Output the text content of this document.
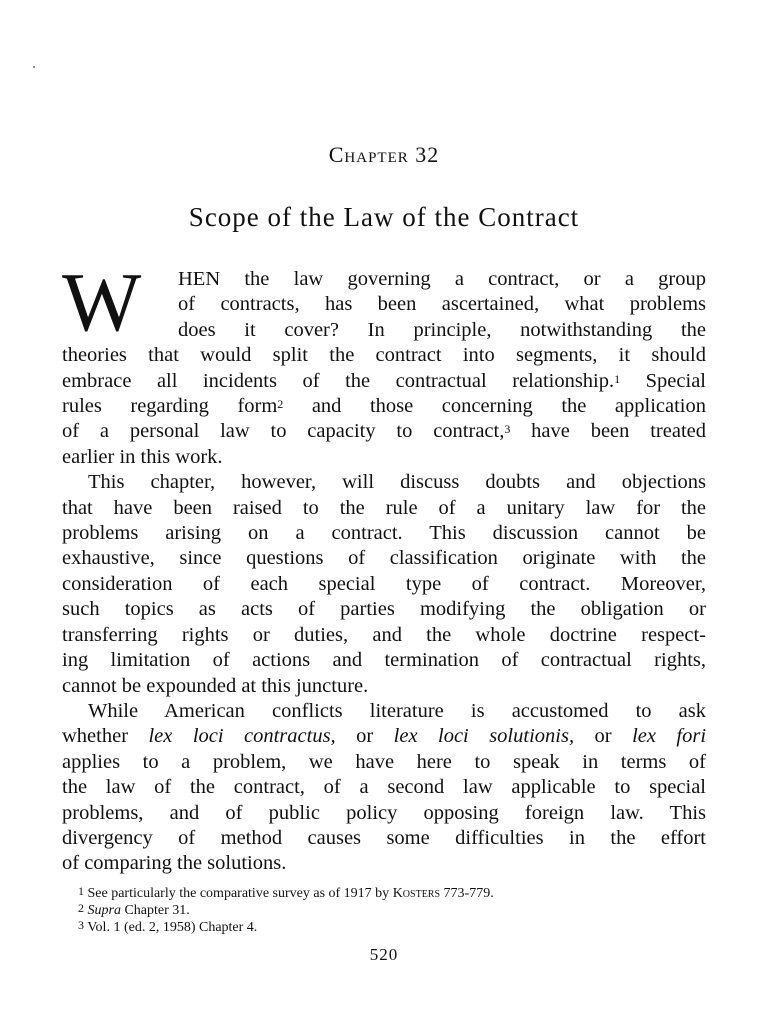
Chapter 32
Scope of the Law of the Contract
W HEN the law governing a contract, or a group
of contracts, has been ascertained, what problems
does it cover? In principle, notwithstanding the
theories that would split the contract into segments, it should
embrace all incidents of the contractual relationship.$^1$ Special
rules regarding form$^2$ and those concerning the application
of a personal law to capacity to contract,$^3$ have been treated
earlier in this work.
This chapter, however, will discuss doubts and objections
that have been raised to the rule of a unitary law for the
problems arising on a contract. This discussion cannot be
exhaustive, since questions of classification originate with the
consideration of each special type of contract. Moreover,
such topics as acts of parties modifying the obligation or
transferring rights or duties, and the whole doctrine respect-
ing limitation of actions and termination of contractual rights,
cannot be expounded at this juncture.
While American conflicts literature is accustomed to ask
whether lex loci contractus, or lex loci solutionis, or lex fori
applies to a problem, we have here to speak in terms of
the law of the contract, of a second law applicable to special
problems, and of public policy opposing foreign law. This
divergency of method causes some difficulties in the effort
of comparing the solutions.
$^1$ See particularly the comparative survey as of 1917 by Kosters 773-779.
$^2$ Supra Chapter 31.
$^3$ Vol. 1 (ed. 2, 1958) Chapter 4.
520
